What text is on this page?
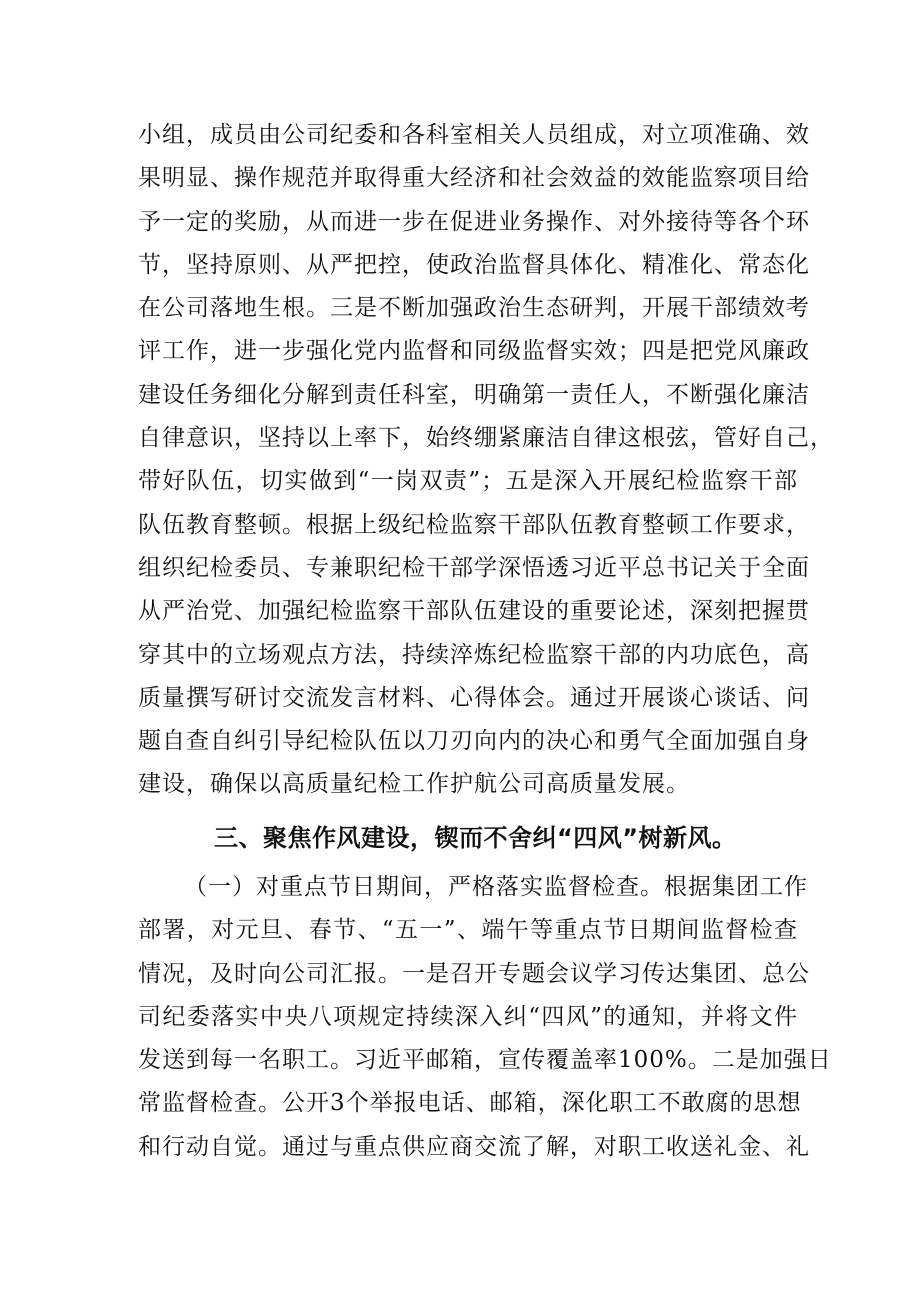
小组，成员由公司纪委和各科室相关人员组成，对立项准确、效
果明显、操作规范并取得重大经济和社会效益的效能监察项目给
予一定的奖励，从而进一步在促进业务操作、对外接待等各个环
节，坚持原则、从严把控，使政治监督具体化、精准化、常态化
在公司落地生根。三是不断加强政治生态研判，开展干部绩效考
评工作，进一步强化党内监督和同级监督实效；四是把党风廉政
建设任务细化分解到责任科室，明确第一责任人，不断强化廉洁
自律意识，坚持以上率下，始终绷紧廉洁自律这根弦，管好自己，
带好队伍，切实做到“一岗双责”；五是深入开展纪检监察干部
队伍教育整顿。根据上级纪检监察干部队伍教育整顿工作要求，
组织纪检委员、专兼职纪检干部学深悟透习近平总书记关于全面
从严治党、加强纪检监察干部队伍建设的重要论述，深刻把握贯
穿其中的立场观点方法，持续淬炼纪检监察干部的内功底色，高
质量撰写研讨交流发言材料、心得体会。通过开展谈心谈话、问
题自查自纠引导纪检队伍以刀刃向内的决心和勇气全面加强自身
建设，确保以高质量纪检工作护航公司高质量发展。
三、聚焦作风建设，锲而不舍纠“四风”树新风。
（一）对重点节日期间，严格落实监督检查。根据集团工作
部署，对元旦、春节、“五一”、端午等重点节日期间监督检查
情况，及时向公司汇报。一是召开专题会议学习传达集团、总公
司纪委落实中央八项规定持续深入纠“四风”的通知，并将文件
发送到每一名职工。习近平邮箱，宣传覆盖率100%。二是加强日
常监督检查。公开3个举报电话、邮箱，深化职工不敢腐的思想
和行动自觉。通过与重点供应商交流了解，对职工收送礼金、礼
